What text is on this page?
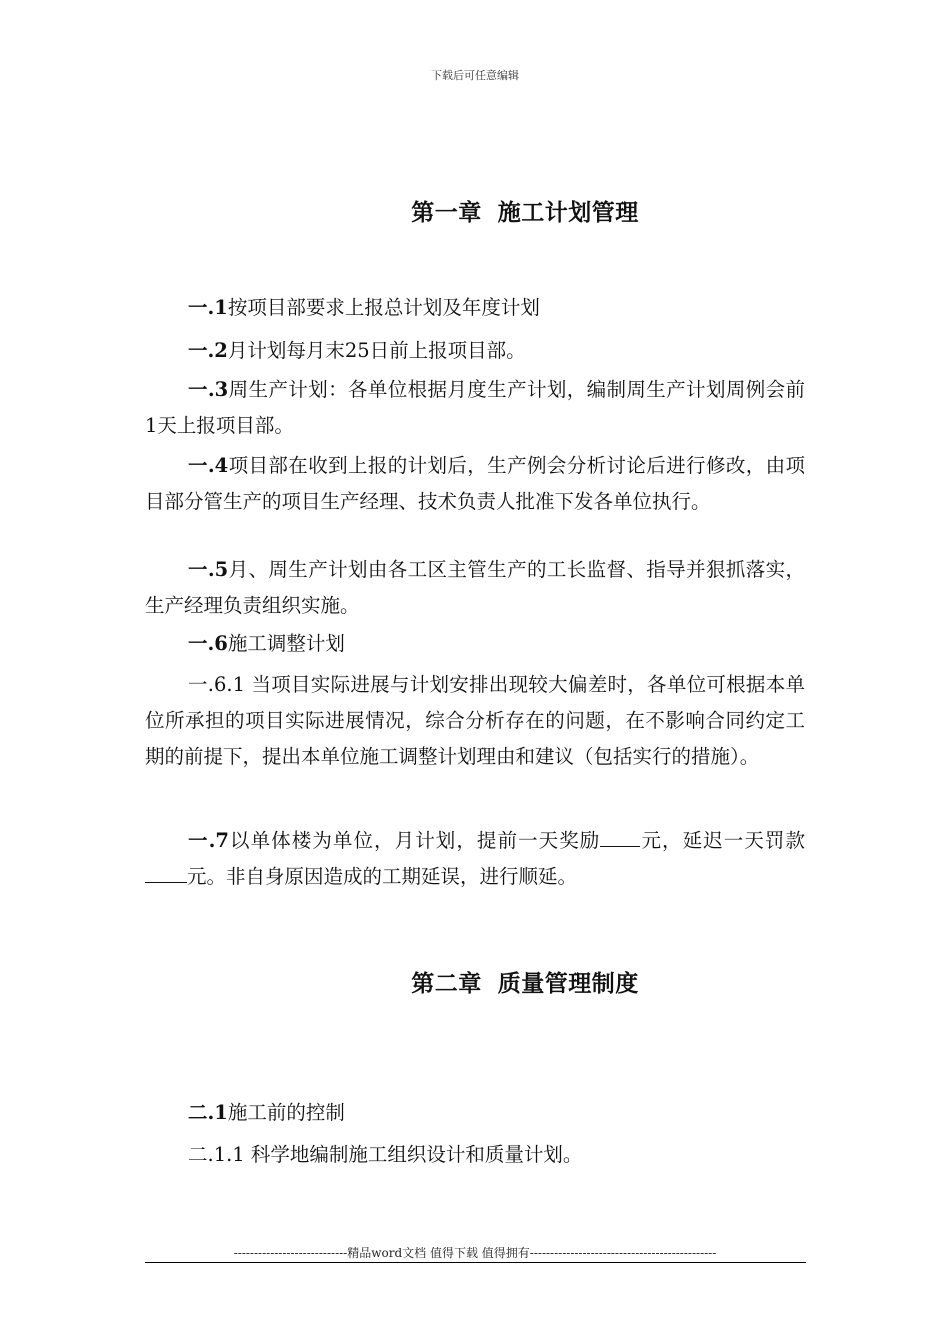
下载后可任意编辑
第一章 施工计划管理
一.1按项目部要求上报总计划及年度计划
一.2月计划每月末25日前上报项目部。
一.3周生产计划：各单位根据月度生产计划，编制周生产计划周例会前1天上报项目部。
一.4项目部在收到上报的计划后，生产例会分析讨论后进行修改，由项目部分管生产的项目生产经理、技术负责人批准下发各单位执行。
一.5月、周生产计划由各工区主管生产的工长监督、指导并狠抓落实，生产经理负责组织实施。
一.6施工调整计划
一.6.1 当项目实际进展与计划安排出现较大偏差时，各单位可根据本单位所承担的项目实际进展情况，综合分析存在的问题，在不影响合同约定工期的前提下，提出本单位施工调整计划理由和建议（包括实行的措施）。
一.7以单体楼为单位，月计划，提前一天奖励 元，延迟一天罚款元。非自身原因造成的工期延误，进行顺延。
第二章 质量管理制度
二.1施工前的控制
二.1.1 科学地编制施工组织设计和质量计划。
----------------------------精品word文档 值得下载 值得拥有----------------------------------------------
